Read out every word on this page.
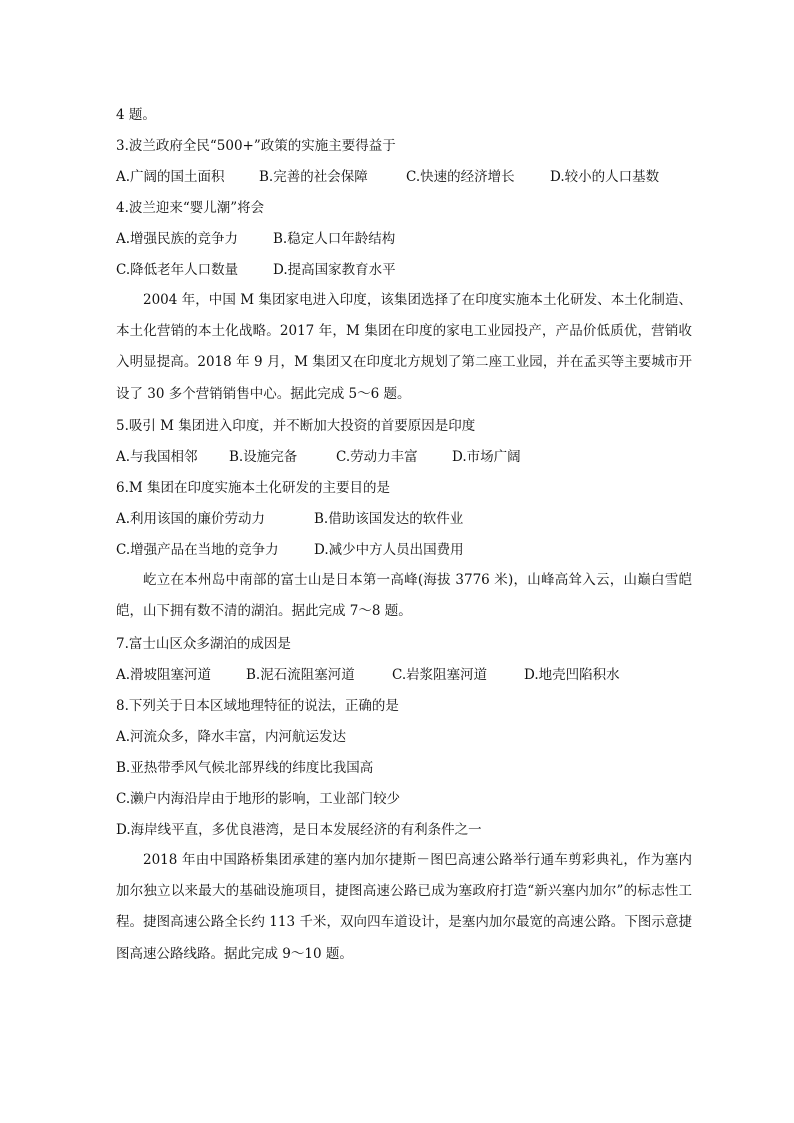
4 题。
3.波兰政府全民“500+”政策的实施主要得益于
A.广阔的国土面积	B.完善的社会保障	C.快速的经济增长	D.较小的人口基数
4.波兰迎来“婴儿潮”将会
A.增强民族的竞争力	B.稳定人口年龄结构
C.降低老年人口数量	D.提高国家教育水平
2004 年，中国 M 集团家电进入印度，该集团选择了在印度实施本土化研发、本土化制造、本土化营销的本土化战略。2017 年，M 集团在印度的家电工业园投产，产品价低质优，营销收入明显提高。2018 年 9 月，M 集团又在印度北方规划了第二座工业园，并在孟买等主要城市开设了 30 多个营销销售中心。据此完成 5～6 题。
5.吸引 M 集团进入印度，并不断加大投资的首要原因是印度
A.与我国相邻 B.设施完备	C.劳动力丰富	D.市场广阔
6.M 集团在印度实施本土化研发的主要目的是
A.利用该国的廉价劳动力	B.借助该国发达的软件业
C.增强产品在当地的竞争力	D.减少中方人员出国费用
屹立在本州岛中南部的富士山是日本第一高峰(海拔 3776 米)，山峰高耸入云，山巅白雪皑皑，山下拥有数不清的湖泊。据此完成 7～8 题。
7.富士山区众多湖泊的成因是
A.滑坡阻塞河道	B.泥石流阻塞河道	C.岩浆阻塞河道	D.地壳凹陷积水
8.下列关于日本区域地理特征的说法，正确的是
A.河流众多，降水丰富，内河航运发达
B.亚热带季风气候北部界线的纬度比我国高
C.濑户内海沿岸由于地形的影响，工业部门较少
D.海岸线平直，多优良港湾，是日本发展经济的有利条件之一
2018 年由中国路桥集团承建的塞内加尔捷斯－图巴高速公路举行通车剪彩典礼，作为塞内加尔独立以来最大的基础设施项目，捷图高速公路已成为塞政府打造“新兴塞内加尔”的标志性工程。捷图高速公路全长约 113 千米，双向四车道设计，是塞内加尔最宽的高速公路。下图示意捷图高速公路线路。据此完成 9～10 题。
